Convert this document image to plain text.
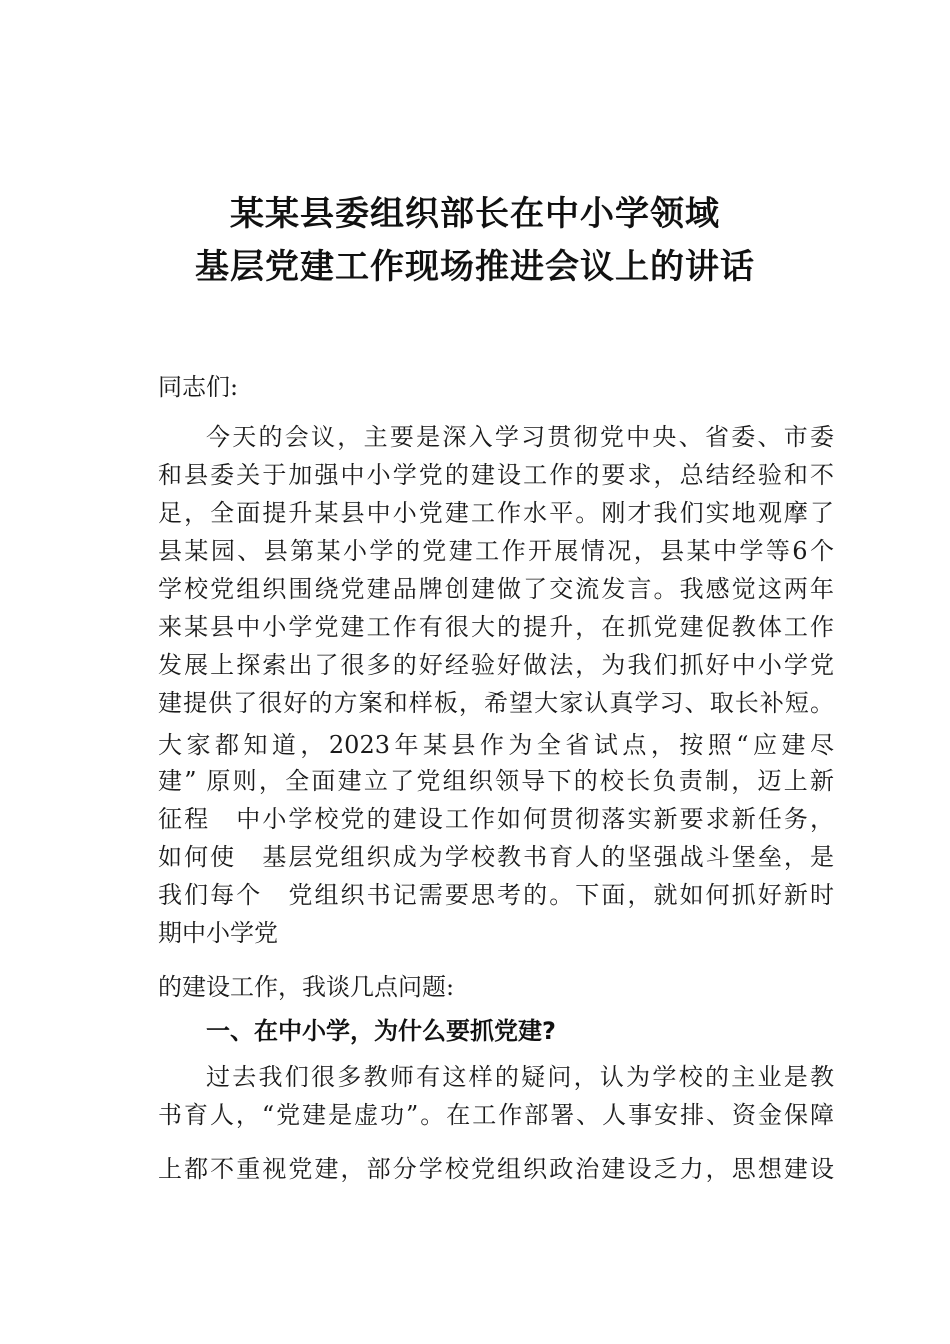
某某县委组织部长在中小学领域
基层党建工作现场推进会议上的讲话
同志们:
今天的会议，主要是深入学习贯彻党中央、省委、市委
和县委关于加强中小学党的建设工作的要求，总结经验和不
足，全面提升某县中小党建工作水平。刚才我们实地观摩了
县某园、县第某小学的党建工作开展情况，县某中学等6个
学校党组织围绕党建品牌创建做了交流发言。我感觉这两年
来某县中小学党建工作有很大的提升，在抓党建促教体工作
发展上探索出了很多的好经验好做法，为我们抓好中小学党
建提供了很好的方案和样板，希望大家认真学习、取长补短。
大家都知道，2023年某县作为全省试点，按照“应建尽
建” 原则，全面建立了党组织领导下的校长负责制，迈上新
征程　中小学校党的建设工作如何贯彻落实新要求新任务，
如何使　基层党组织成为学校教书育人的坚强战斗堡垒，是
我们每个　党组织书记需要思考的。下面，就如何抓好新时
期中小学党
的建设工作，我谈几点问题:
一、在中小学，为什么要抓党建?
过去我们很多教师有这样的疑问，认为学校的主业是教
书育人，“党建是虚功”。在工作部署、人事安排、资金保障
上都不重视党建，部分学校党组织政治建设乏力，思想建设
